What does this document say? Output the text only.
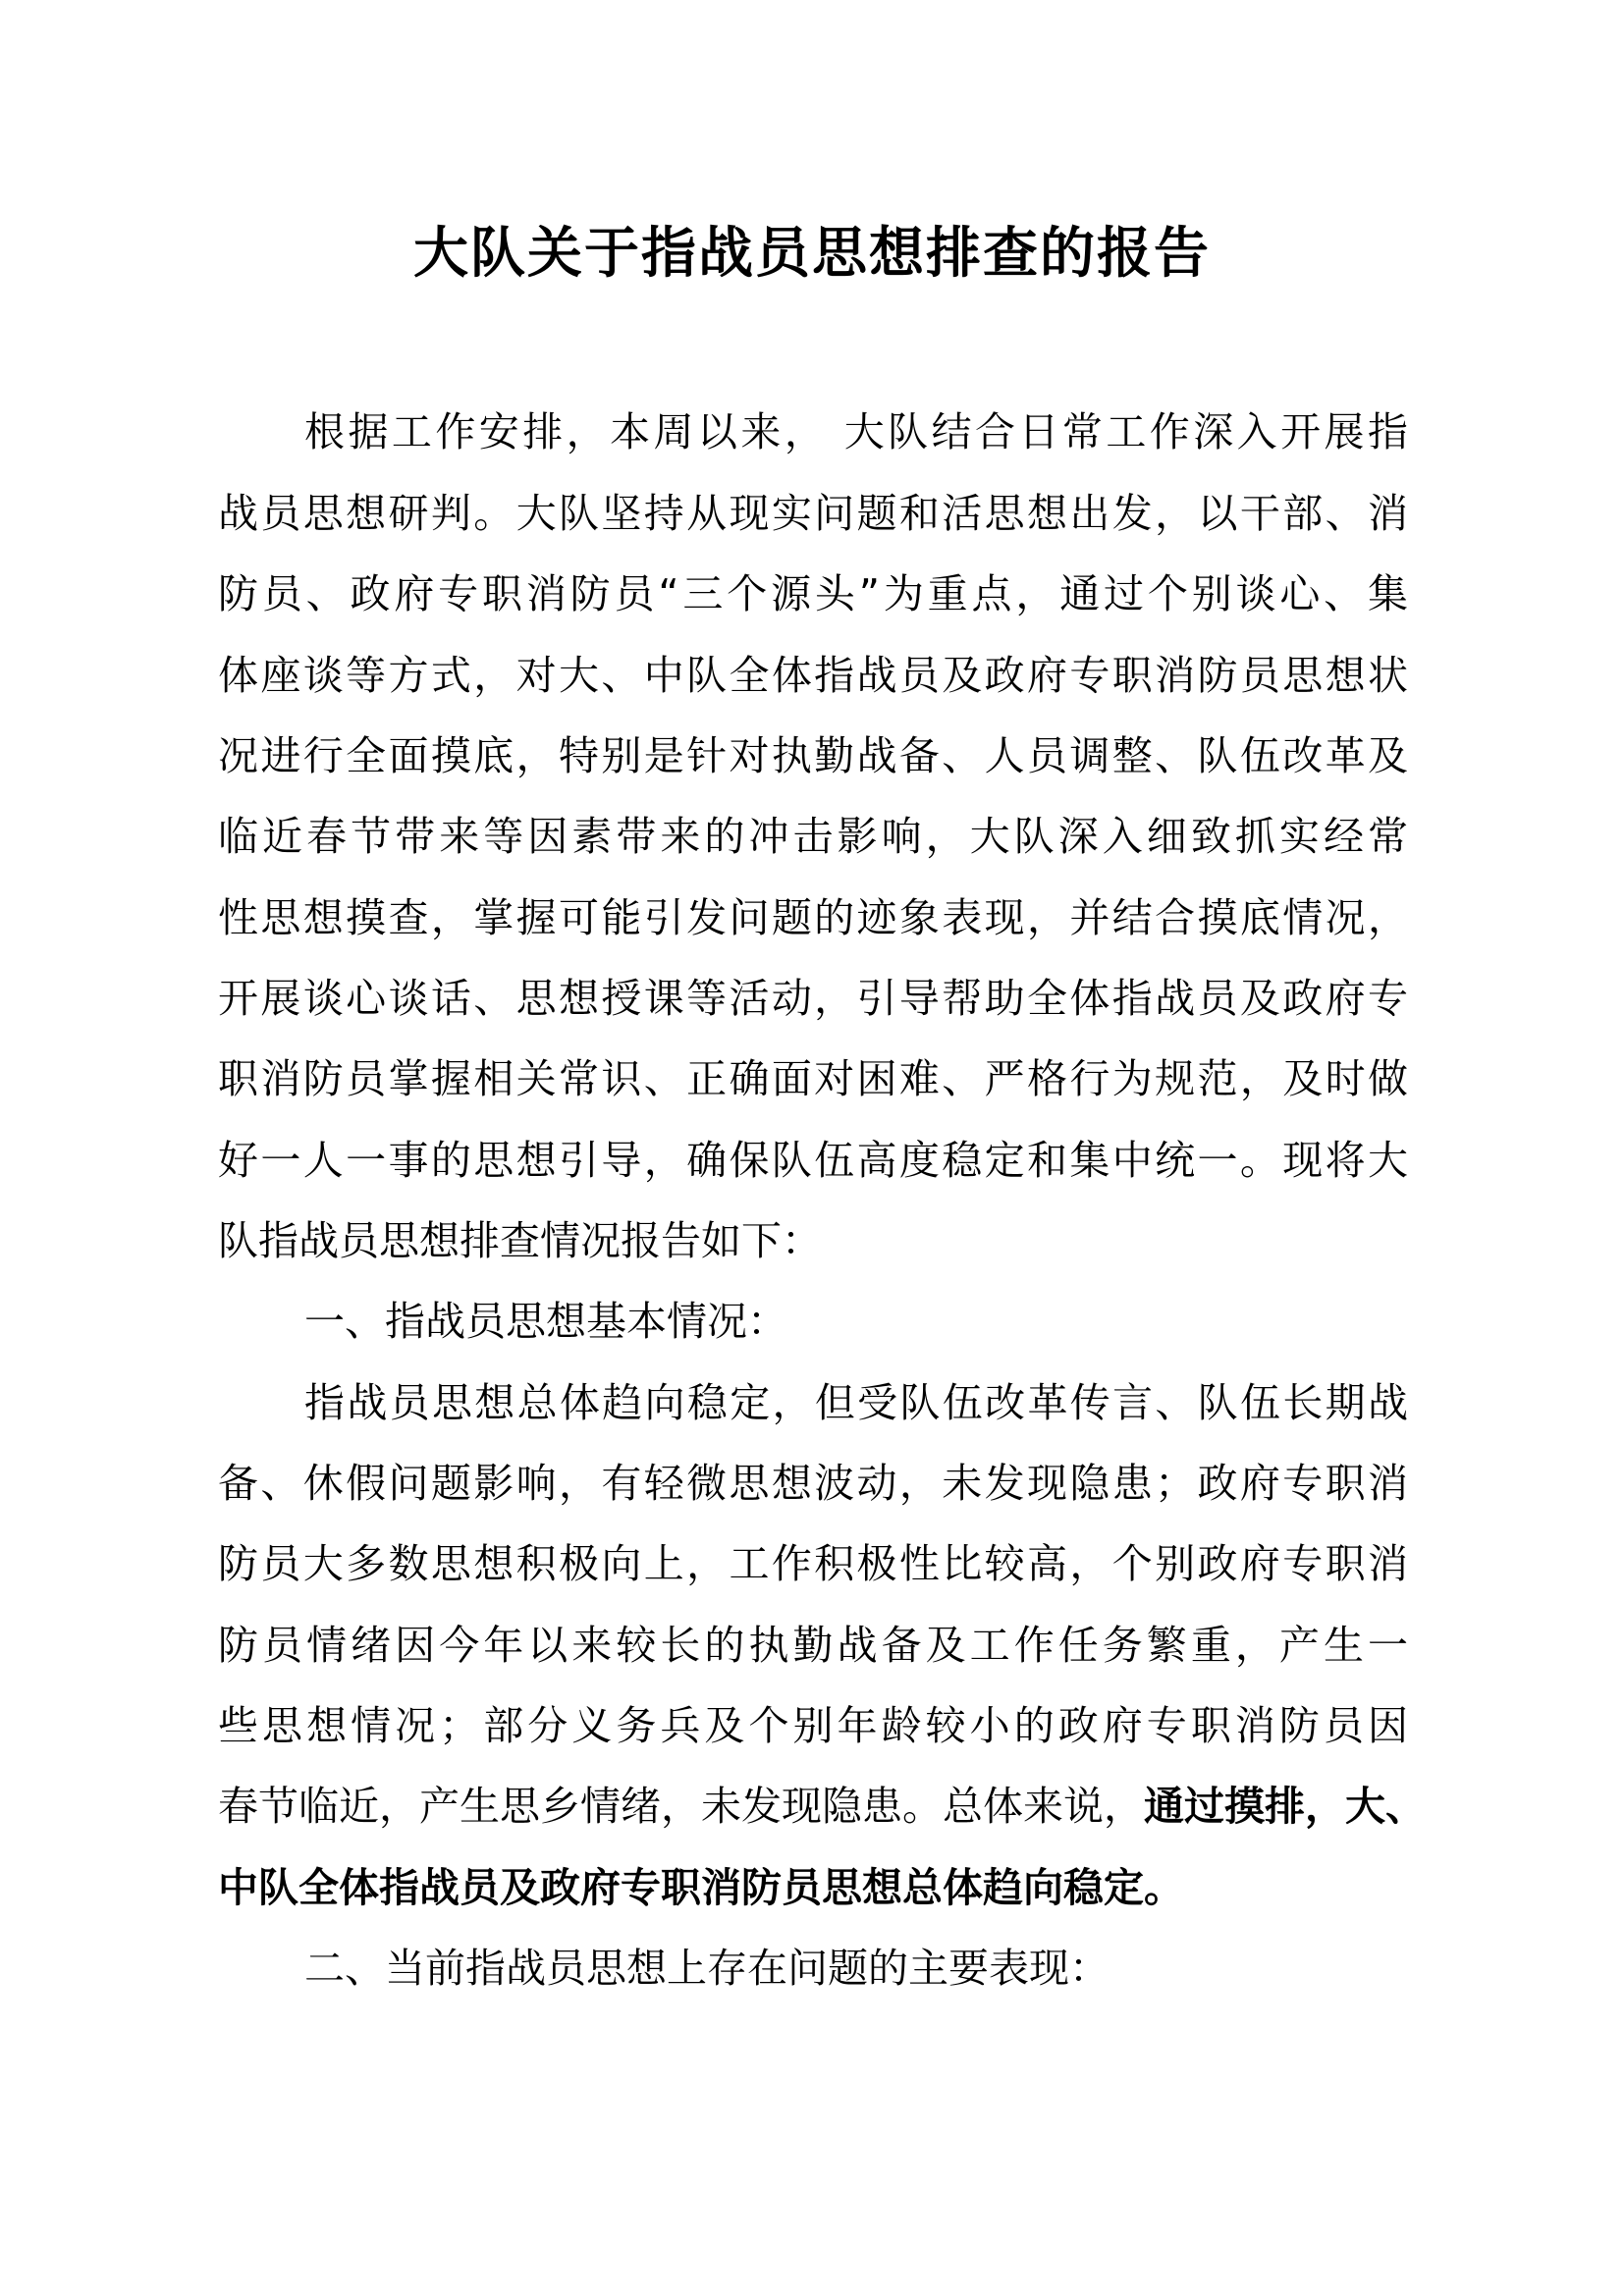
大队关于指战员思想排查的报告
根据工作安排，本周以来， 大队结合日常工作深入开展指
战员思想研判。大队坚持从现实问题和活思想出发，以干部、消
防员、政府专职消防员“三个源头”为重点，通过个别谈心、集
体座谈等方式，对大、中队全体指战员及政府专职消防员思想状
况进行全面摸底，特别是针对执勤战备、人员调整、队伍改革及
临近春节带来等因素带来的冲击影响，大队深入细致抓实经常
性思想摸查，掌握可能引发问题的迹象表现，并结合摸底情况，
开展谈心谈话、思想授课等活动，引导帮助全体指战员及政府专
职消防员掌握相关常识、正确面对困难、严格行为规范，及时做
好一人一事的思想引导，确保队伍高度稳定和集中统一。现将大
队指战员思想排查情况报告如下：
一、指战员思想基本情况：
指战员思想总体趋向稳定，但受队伍改革传言、队伍长期战
备、休假问题影响，有轻微思想波动，未发现隐患；政府专职消
防员大多数思想积极向上，工作积极性比较高，个别政府专职消
防员情绪因今年以来较长的执勤战备及工作任务繁重，产生一
些思想情况；部分义务兵及个别年龄较小的政府专职消防员因
春节临近，产生思乡情绪，未发现隐患。总体来说，通过摸排，大、
中队全体指战员及政府专职消防员思想总体趋向稳定。
二、当前指战员思想上存在问题的主要表现：
